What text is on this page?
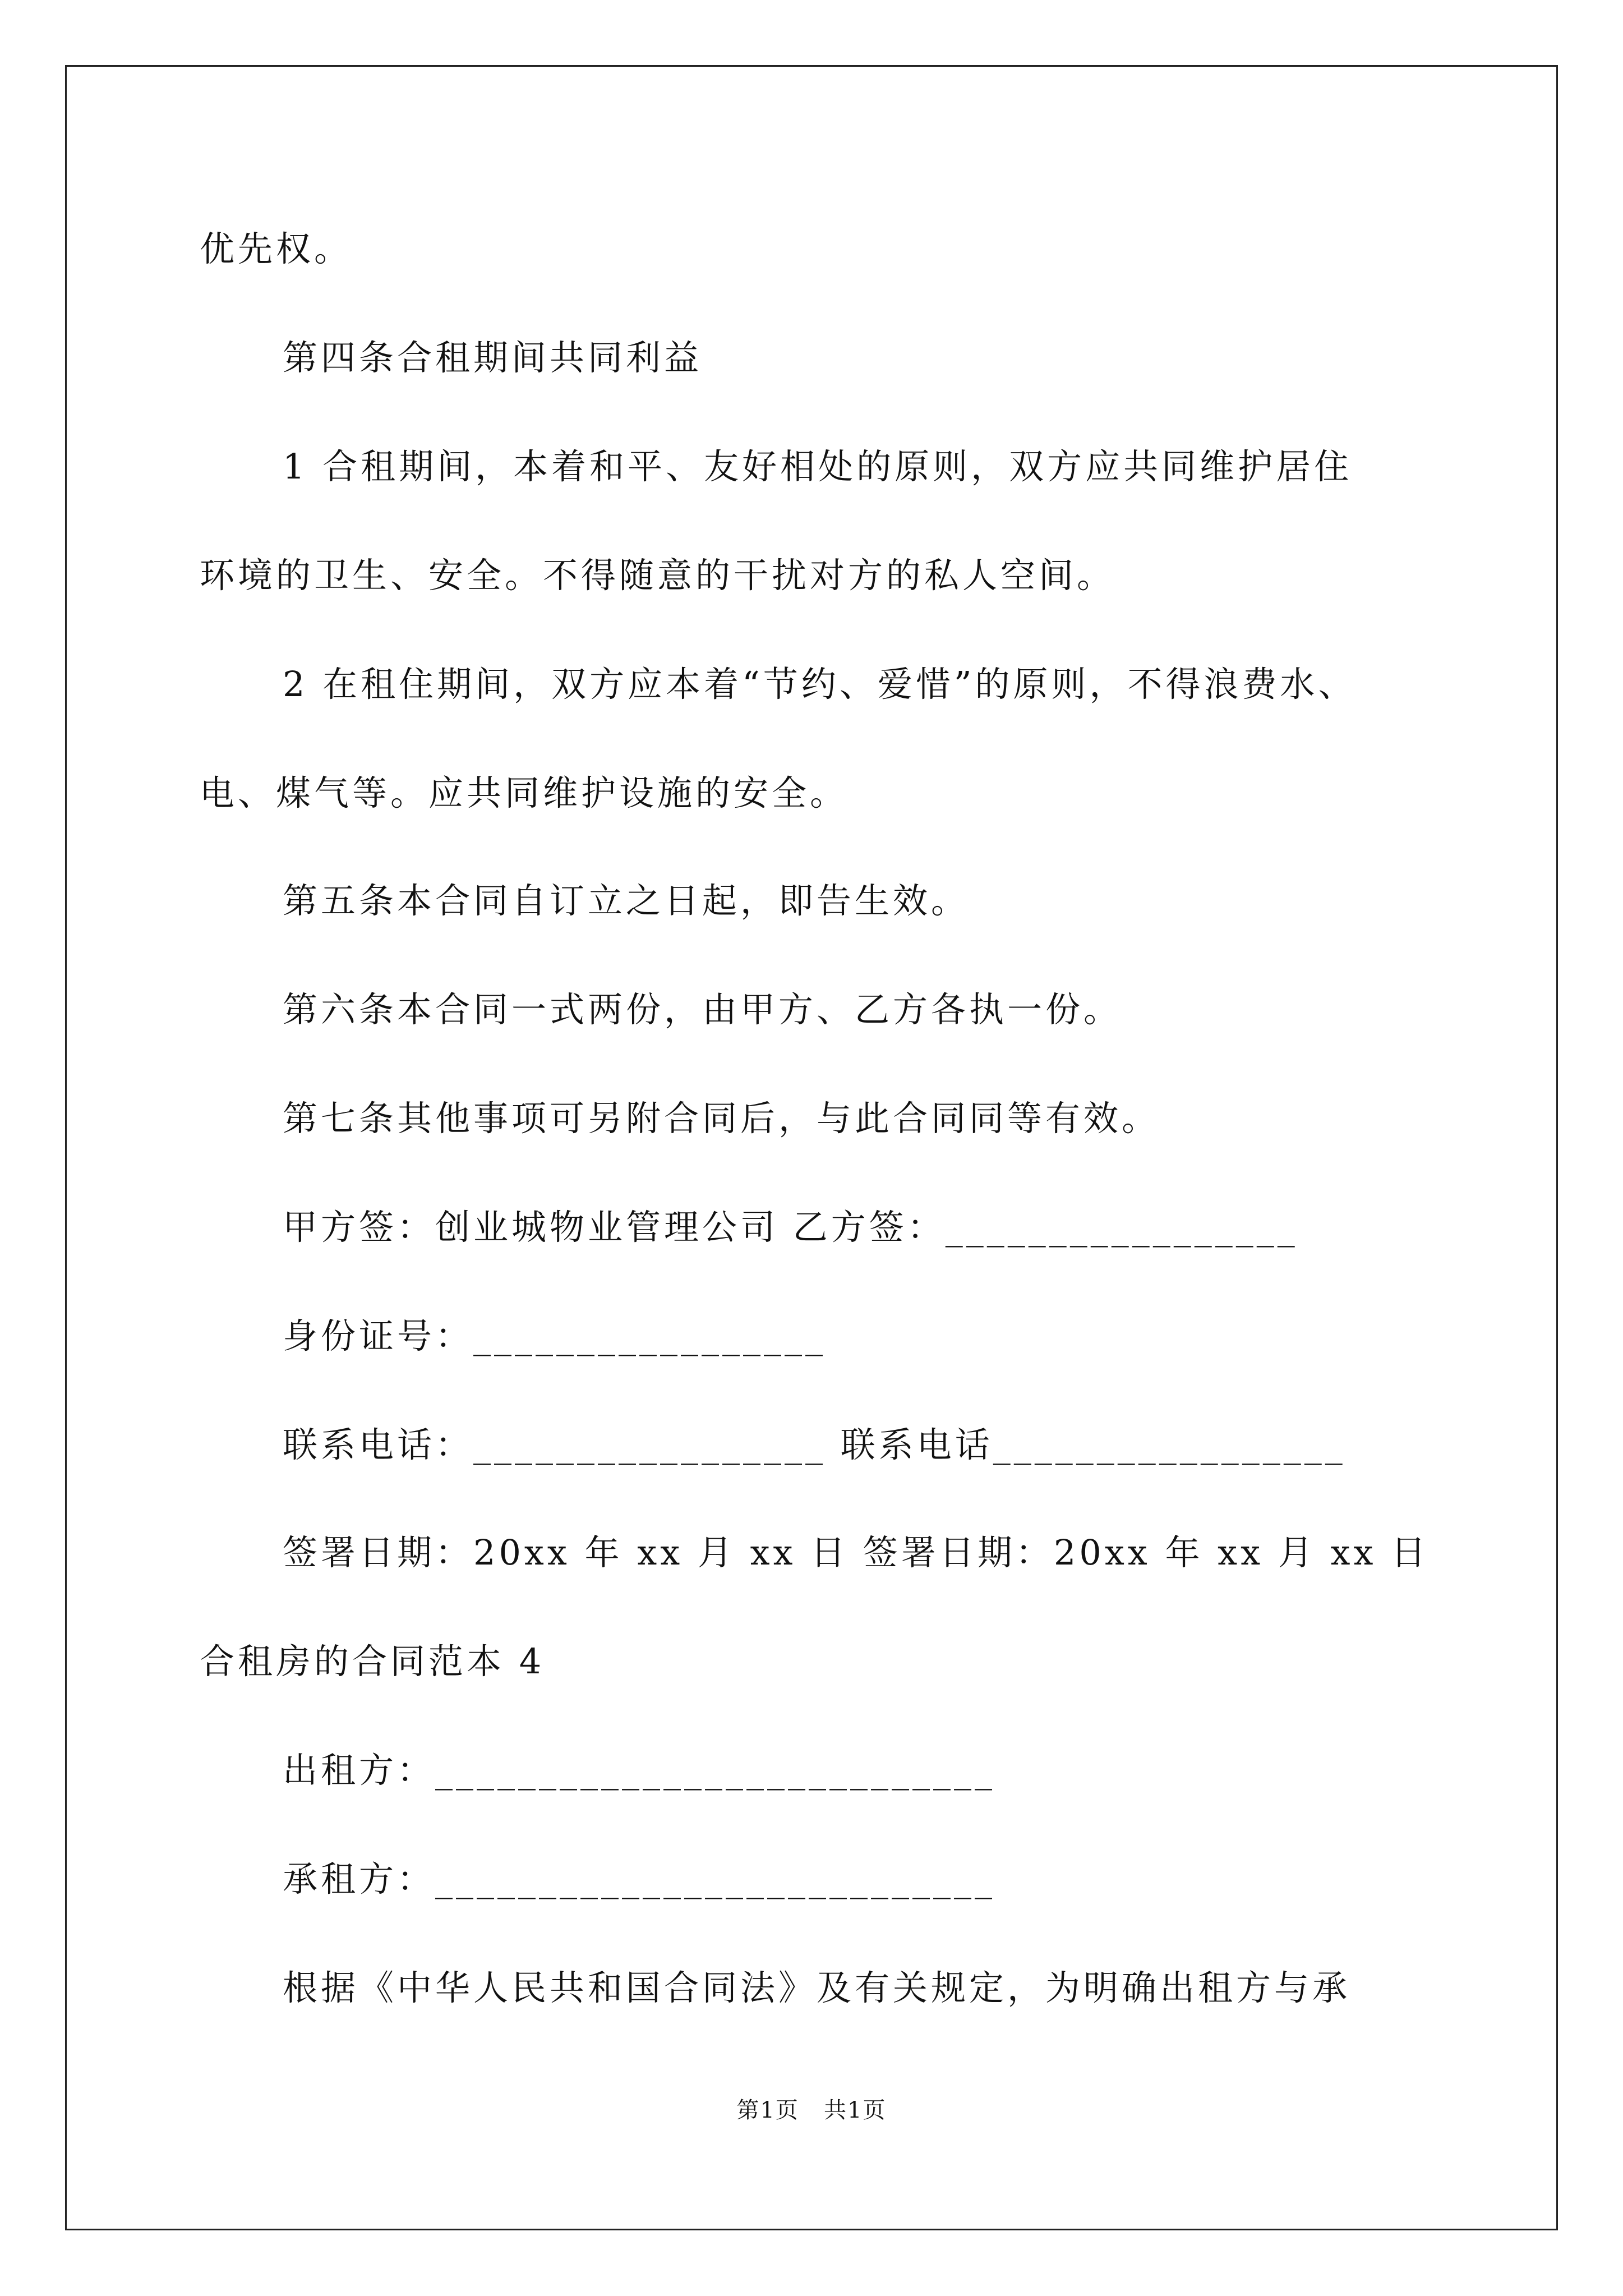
优先权。
第四条合租期间共同利益
1 合租期间，本着和平、友好相处的原则，双方应共同维护居住
环境的卫生、安全。不得随意的干扰对方的私人空间。
2 在租住期间，双方应本着“节约、爱惜”的原则，不得浪费水、
电、煤气等。应共同维护设施的安全。
第五条本合同自订立之日起，即告生效。
第六条本合同一式两份，由甲方、乙方各执一份。
第七条其他事项可另附合同后，与此合同同等有效。
甲方签：创业城物业管理公司 乙方签：_________________
身份证号：_________________
联系电话：_________________ 联系电话_________________
签署日期：20xx 年 xx 月 xx 日 签署日期：20xx 年 xx 月 xx 日
合租房的合同范本 4
出租方：___________________________
承租方：___________________________
根据《中华人民共和国合同法》及有关规定，为明确出租方与承
第1页   共1页
